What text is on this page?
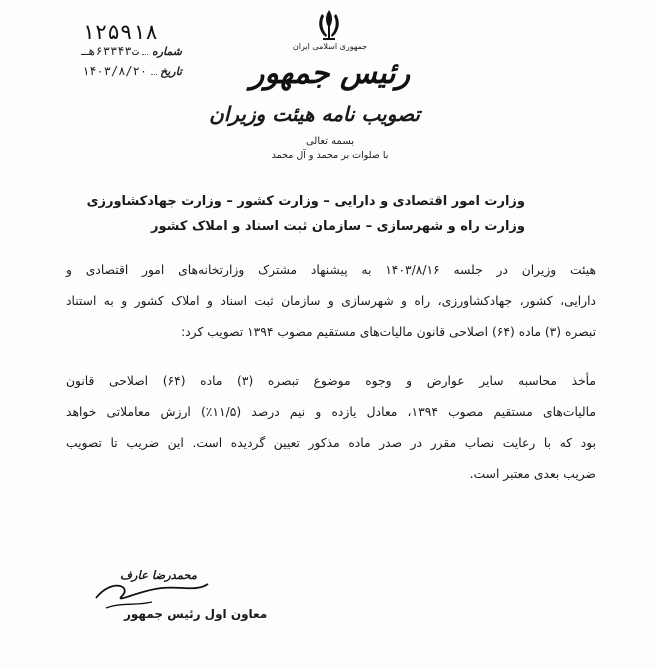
جمهوری اسلامی ایران
رئیس جمهور
تصویب نامه هیئت وزیران
بسمه تعالی
با صلوات بر محمد و آل محمد
۱۲۵۹۱۸
شماره  ت۶۳۳۴۳هـ
تاریخ  ۱۴۰۳/۸/۲۰
وزارت امور اقتصادی و دارایی – وزارت کشور – وزارت جهادکشاورزی
وزارت راه و شهرسازی – سازمان ثبت اسناد و املاک کشور
هیئت وزیران در جلسه ۱۴۰۳/۸/۱۶ به پیشنهاد مشترک وزارتخانه‌های امور اقتصادی و
دارایی، کشور، جهادکشاورزی، راه و شهرسازی و سازمان ثبت اسناد و املاک کشور و به استناد
تبصره (۳) ماده (۶۴) اصلاحی قانون مالیات‌های مستقیم مصوب ۱۳۹۴ تصویب کرد:
مأخذ محاسبه سایر عوارض و وجوه موضوع تبصره (۳) ماده (۶۴) اصلاحی قانون
مالیات‌های مستقیم مصوب ۱۳۹۴، معادل یازده و نیم درصد (۱۱/۵٪) ارزش معاملاتی خواهد
بود که با رعایت نصاب مقرر در صدر ماده مذکور تعیین گردیده است. این ضریب تا تصویب
ضریب بعدی معتبر است.
محمدرضا عارف
معاون اول رئیس جمهور
